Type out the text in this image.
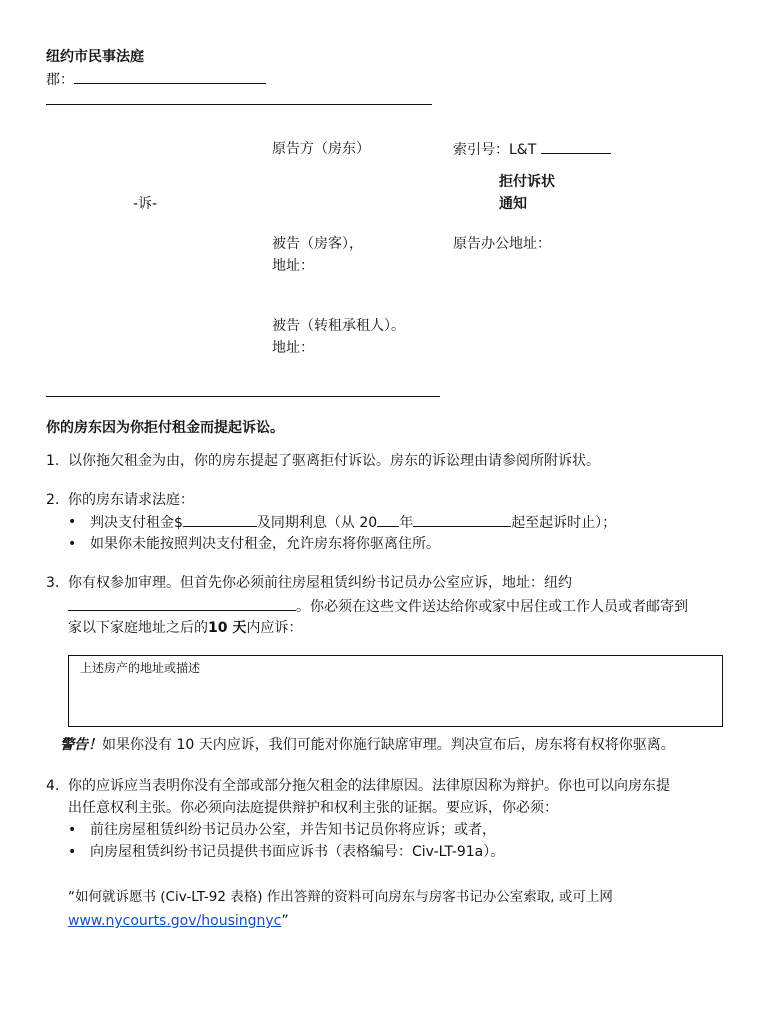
纽约市民事法庭
郡：
原告方（房东）	索引号：L&T
拒付诉状
通知
-诉-
被告（房客），	原告办公地址：
地址：
被告（转租承租人）。
地址：
你的房东因为你拒付租金而提起诉讼。
1. 以你拖欠租金为由，你的房东提起了驱离拒付诉讼。房东的诉讼理由请参阅所附诉状。
2. 你的房东请求法庭：
• 判决支付租金$	及同期利息（从 20 年	起至起诉时止）；
• 如果你未能按照判决支付租金，允许房东将你驱离住所。
3. 你有权参加审理。但首先你必须前往房屋租赁纠纷书记员办公室应诉，地址：纽约
。你必须在这些文件送达给你或家中居住或工作人员或者邮寄到
家以下家庭地址之后的10 天内应诉：
上述房产的地址或描述
警告！如果你没有 10 天内应诉，我们可能对你施行缺席审理。判决宣布后，房东将有权将你驱离。
4. 你的应诉应当表明你没有全部或部分拖欠租金的法律原因。法律原因称为辩护。你也可以向房东提
出任意权利主张。你必须向法庭提供辩护和权利主张的证据。要应诉，你必须：
• 前往房屋租赁纠纷书记员办公室，并告知书记员你将应诉；或者，
• 向房屋租赁纠纷书记员提供书面应诉书（表格编号：Civ-LT-91a）。
“如何就诉愿书 (Civ-LT-92 表格) 作出答辩的资料可向房东与房客书记办公室索取, 或可上网
www.nycourts.gov/housingnyc”
